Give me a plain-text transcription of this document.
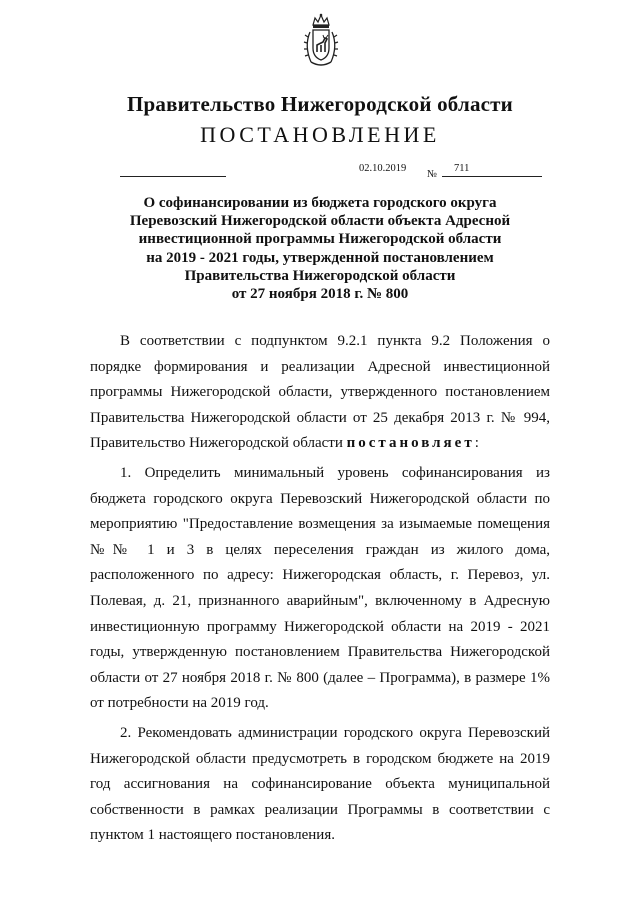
Правительство Нижегородской области
ПОСТАНОВЛЕНИЕ
02.10.2019
№
711
О софинансировании из бюджета городского округа
Перевозский Нижегородской области объекта Адресной
инвестиционной программы Нижегородской области
на 2019 - 2021 годы, утвержденной постановлением
Правительства Нижегородской области
от 27 ноября 2018 г. № 800

В соответствии с подпунктом 9.2.1 пункта 9.2 Положения о порядке формирования и реализации Адресной инвестиционной программы Нижегородской области, утвержденного постановлением Правительства Нижегородской области от 25 декабря 2013 г. № 994, Правительство Нижегородской области постановляет:

1. Определить минимальный уровень софинансирования из бюджета городского округа Перевозский Нижегородской области по мероприятию "Предоставление возмещения за изымаемые помещения №№ 1 и 3 в целях переселения граждан из жилого дома, расположенного по адресу: Нижегородская область, г. Перевоз, ул. Полевая, д. 21, признанного аварийным", включенному в Адресную инвестиционную программу Нижегородской области на 2019 - 2021 годы, утвержденную постановлением Правительства Нижегородской области от 27 ноября 2018 г. № 800 (далее – Программа), в размере 1% от потребности на 2019 год.

2. Рекомендовать администрации городского округа Перевозский Нижегородской области предусмотреть в городском бюджете на 2019 год ассигнования на софинансирование объекта муниципальной собственности в рамках реализации Программы в соответствии с пунктом 1 настоящего постановления.
